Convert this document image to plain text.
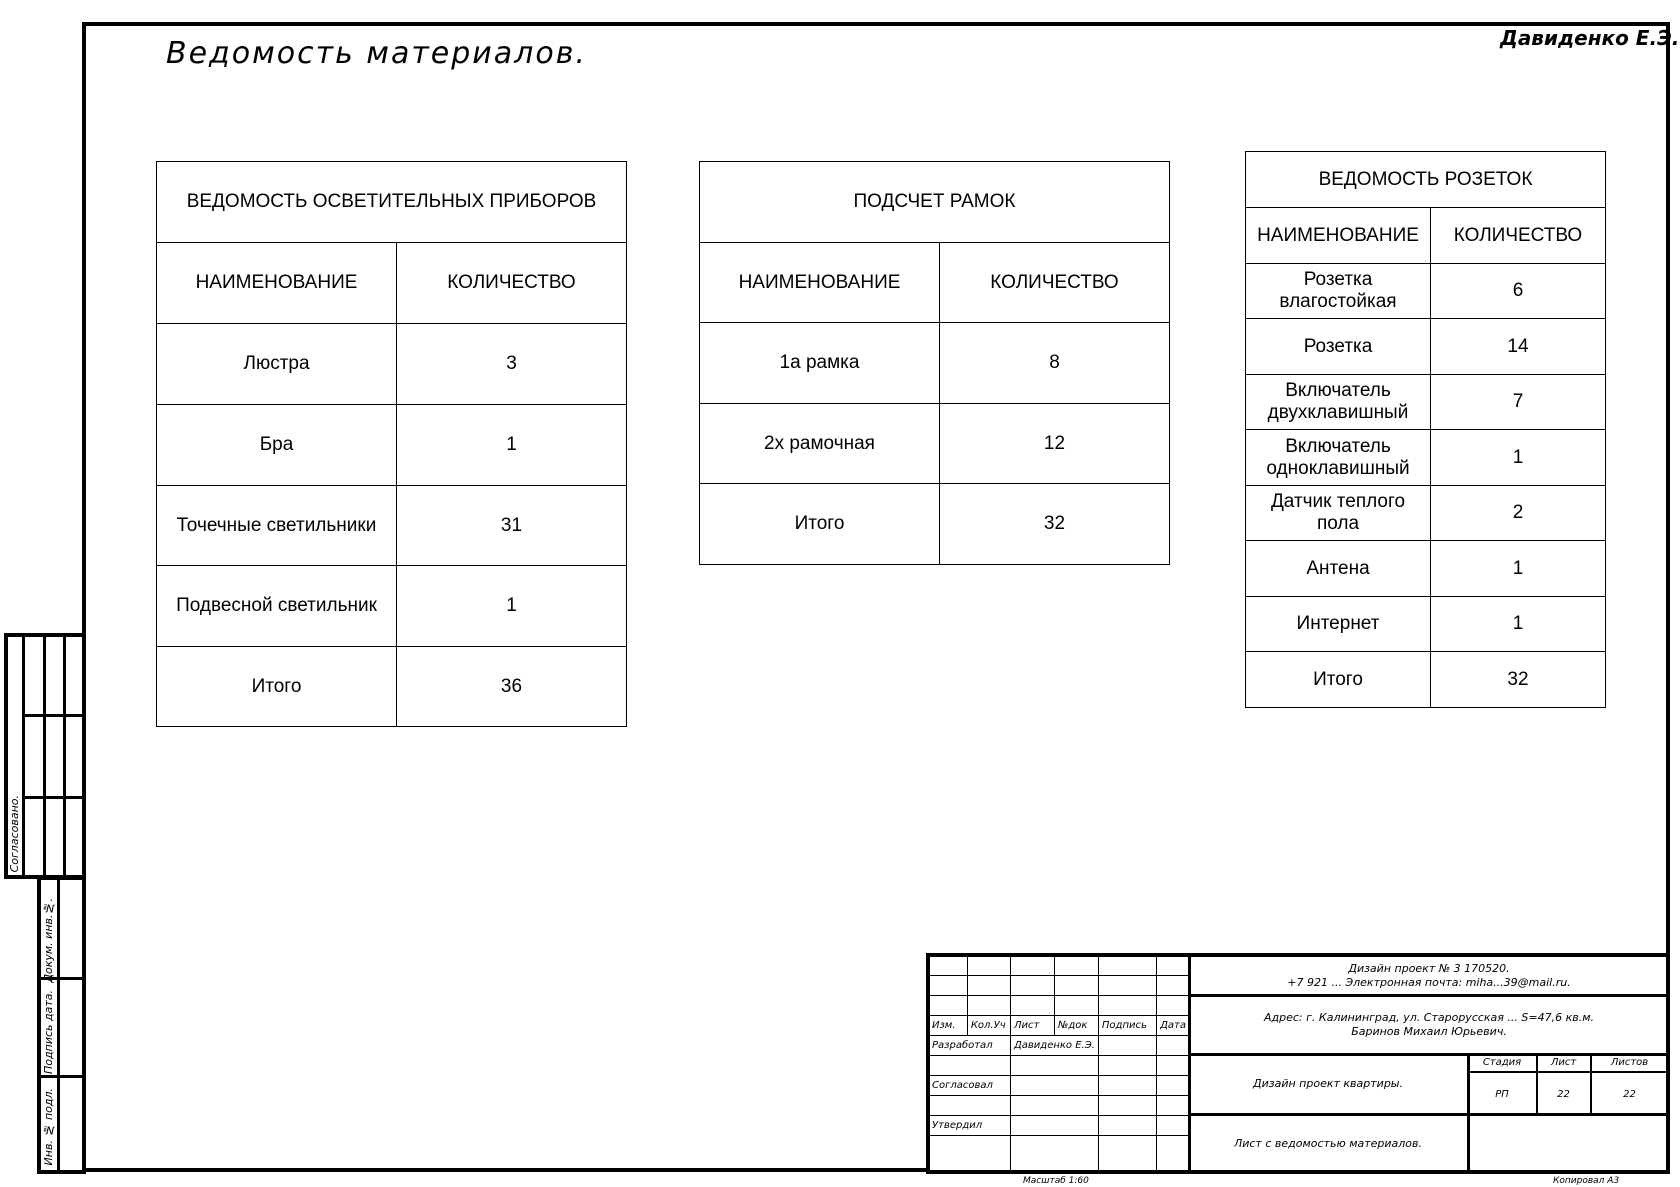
Ведомость материалов.	Давиденко Е.Э.
ВЕДОМОСТЬ ОСВЕТИТЕЛЬНЫХ ПРИБОРОВ	
НАИМЕНОВАНИЕ	КОЛИЧЕСТВО
Люстра	3
Бра	1
Точечные светильники	31
Подвесной светильник	1
Итого	36
ПОДСЧЕТ РАМОК	
НАИМЕНОВАНИЕ	КОЛИЧЕСТВО
1а рамка	8
2х рамочная	12
Итого	32
ВЕДОМОСТЬ РОЗЕТОК	
НАИМЕНОВАНИЕ	КОЛИЧЕСТВО

Розетка
влагостойкая	6

Розетка	14

Включатель
двухклавишный	7

Включатель
одноклавишный	1

Датчик теплого пола	2

Антена	1

Интернет	1

Итого	32
Согласовано.
Докум. инв.№.
Подпись дата.
Инв. № подл.

Изм.	Кол.Уч	Лист	№док	Подпись	Дата
Разработал		Давиденко Е.Э.			

Согласовал					

Утвердил					

Дизайн проект № 3 170520.
+7 921 ... Электронная почта: miha...39@mail.ru.
Адрес: г. Калининград, ул. Старорусская ... S=47,6 кв.м.
Баринов Михаил Юрьевич.
Дизайн проект квартиры.
Лист с ведомостью материалов.
Стадия	Лист	Листов
РП	22	22
Масштаб 1:60	Копировал А3
